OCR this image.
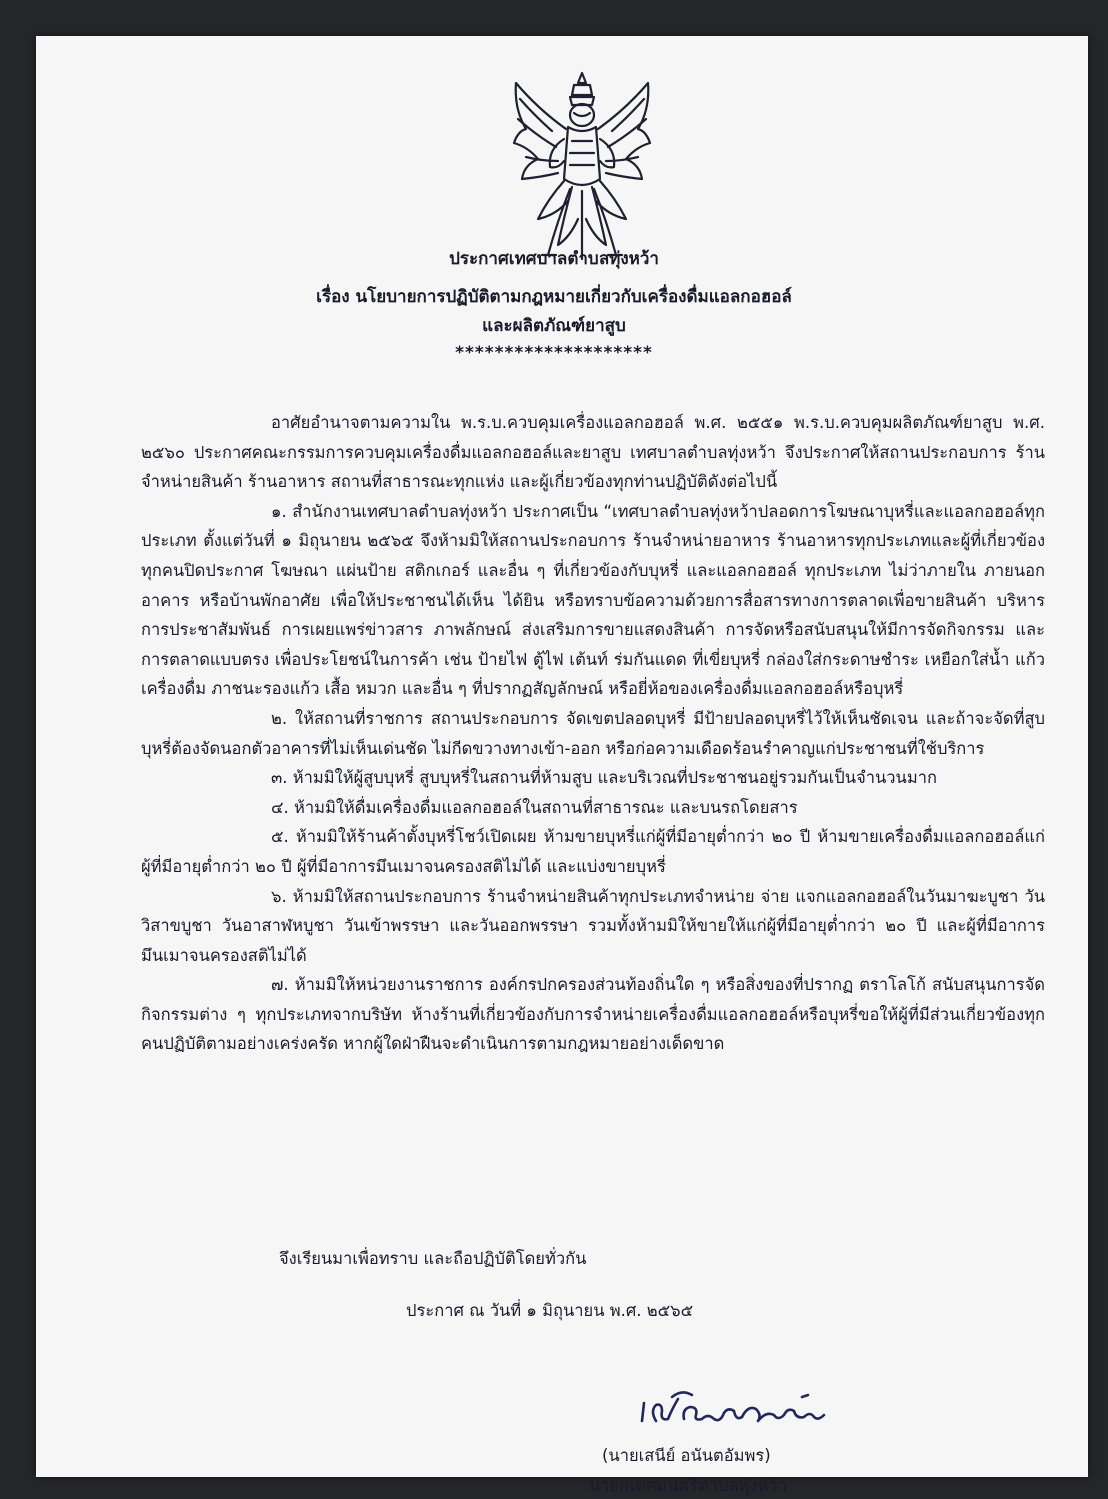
ประกาศเทศบาลตำบลทุ่งหว้า
เรื่อง นโยบายการปฏิบัติตามกฎหมายเกี่ยวกับเครื่องดื่มแอลกอฮอล์
และผลิตภัณฑ์ยาสูบ
********************

อาศัยอำนาจตามความใน พ.ร.บ.ควบคุมเครื่องแอลกอฮอล์ พ.ศ. ๒๕๕๑ พ.ร.บ.ควบคุมผลิตภัณฑ์ยาสูบ พ.ศ. ๒๕๖๐ ประกาศคณะกรรมการควบคุมเครื่องดื่มแอลกอฮอล์และยาสูบ เทศบาลตำบลทุ่งหว้า จึงประกาศให้สถานประกอบการ ร้านจำหน่ายสินค้า ร้านอาหาร สถานที่สาธารณะทุกแห่ง และผู้เกี่ยวข้องทุกท่านปฏิบัติดังต่อไปนี้

๑. สำนักงานเทศบาลตำบลทุ่งหว้า ประกาศเป็น “เทศบาลตำบลทุ่งหว้าปลอดการโฆษณาบุหรี่และแอลกอฮอล์ทุกประเภท ตั้งแต่วันที่ ๑ มิถุนายน ๒๕๖๕ จึงห้ามมิให้สถานประกอบการ ร้านจำหน่ายอาหาร ร้านอาหารทุกประเภทและผู้ที่เกี่ยวข้องทุกคนปิดประกาศ โฆษณา แผ่นป้าย สติกเกอร์ และอื่น ๆ ที่เกี่ยวข้องกับบุหรี่ และแอลกอฮอล์ ทุกประเภท ไม่ว่าภายใน ภายนอกอาคาร หรือบ้านพักอาศัย เพื่อให้ประชาชนได้เห็น ได้ยิน หรือทราบข้อความด้วยการสื่อสารทางการตลาดเพื่อขายสินค้า บริหารการประชาสัมพันธ์ การเผยแพร่ข่าวสาร ภาพลักษณ์ ส่งเสริมการขายแสดงสินค้า การจัดหรือสนับสนุนให้มีการจัดกิจกรรม และการตลาดแบบตรง เพื่อประโยชน์ในการค้า เช่น ป้ายไฟ ตู้ไฟ เต้นท์ ร่มกันแดด ที่เขี่ยบุหรี่ กล่องใส่กระดาษชำระ เหยือกใส่น้ำ แก้ว เครื่องดื่ม ภาชนะรองแก้ว เสื้อ หมวก และอื่น ๆ ที่ปรากฏสัญลักษณ์ หรือยี่ห้อของเครื่องดื่มแอลกอฮอล์หรือบุหรี่

๒. ให้สถานที่ราชการ สถานประกอบการ จัดเขตปลอดบุหรี่ มีป้ายปลอดบุหรี่ไว้ให้เห็นชัดเจน และถ้าจะจัดที่สูบบุหรี่ต้องจัดนอกตัวอาคารที่ไม่เห็นเด่นชัด ไม่กีดขวางทางเข้า-ออก หรือก่อความเดือดร้อนรำคาญแก่ประชาชนที่ใช้บริการ

๓. ห้ามมิให้ผู้สูบบุหรี่ สูบบุหรี่ในสถานที่ห้ามสูบ และบริเวณที่ประชาชนอยู่รวมกันเป็นจำนวนมาก

๔. ห้ามมิให้ดื่มเครื่องดื่มแอลกอฮอล์ในสถานที่สาธารณะ และบนรถโดยสาร

๕. ห้ามมิให้ร้านค้าตั้งบุหรี่โชว์เปิดเผย ห้ามขายบุหรี่แก่ผู้ที่มีอายุต่ำกว่า ๒๐ ปี ห้ามขายเครื่องดื่มแอลกอฮอล์แก่ผู้ที่มีอายุต่ำกว่า ๒๐ ปี ผู้ที่มีอาการมึนเมาจนครองสติไม่ได้ และแบ่งขายบุหรี่

๖. ห้ามมิให้สถานประกอบการ ร้านจำหน่ายสินค้าทุกประเภทจำหน่าย จ่าย แจกแอลกอฮอล์ในวันมาฆะบูชา วันวิสาขบูชา วันอาสาฬหบูชา วันเข้าพรรษา และวันออกพรรษา รวมทั้งห้ามมิให้ขายให้แก่ผู้ที่มีอายุต่ำกว่า ๒๐ ปี และผู้ที่มีอาการมึนเมาจนครองสติไม่ได้

๗. ห้ามมิให้หน่วยงานราชการ องค์กรปกครองส่วนท้องถิ่นใด ๆ หรือสิ่งของที่ปรากฏ ตราโลโก้ สนับสนุนการจัดกิจกรรมต่าง ๆ ทุกประเภทจากบริษัท ห้างร้านที่เกี่ยวข้องกับการจำหน่ายเครื่องดื่มแอลกอฮอล์หรือบุหรี่ขอให้ผู้ที่มีส่วนเกี่ยวข้องทุกคนปฏิบัติตามอย่างเคร่งครัด หากผู้ใดฝ่าฝืนจะดำเนินการตามกฎหมายอย่างเด็ดขาด

จึงเรียนมาเพื่อทราบ และถือปฏิบัติโดยทั่วกัน
ประกาศ ณ วันที่ ๑ มิถุนายน พ.ศ. ๒๕๖๕
(นายเสนีย์ อนันตอัมพร)
นายกเทศมนตรีตำบลทุ่งหว้า
